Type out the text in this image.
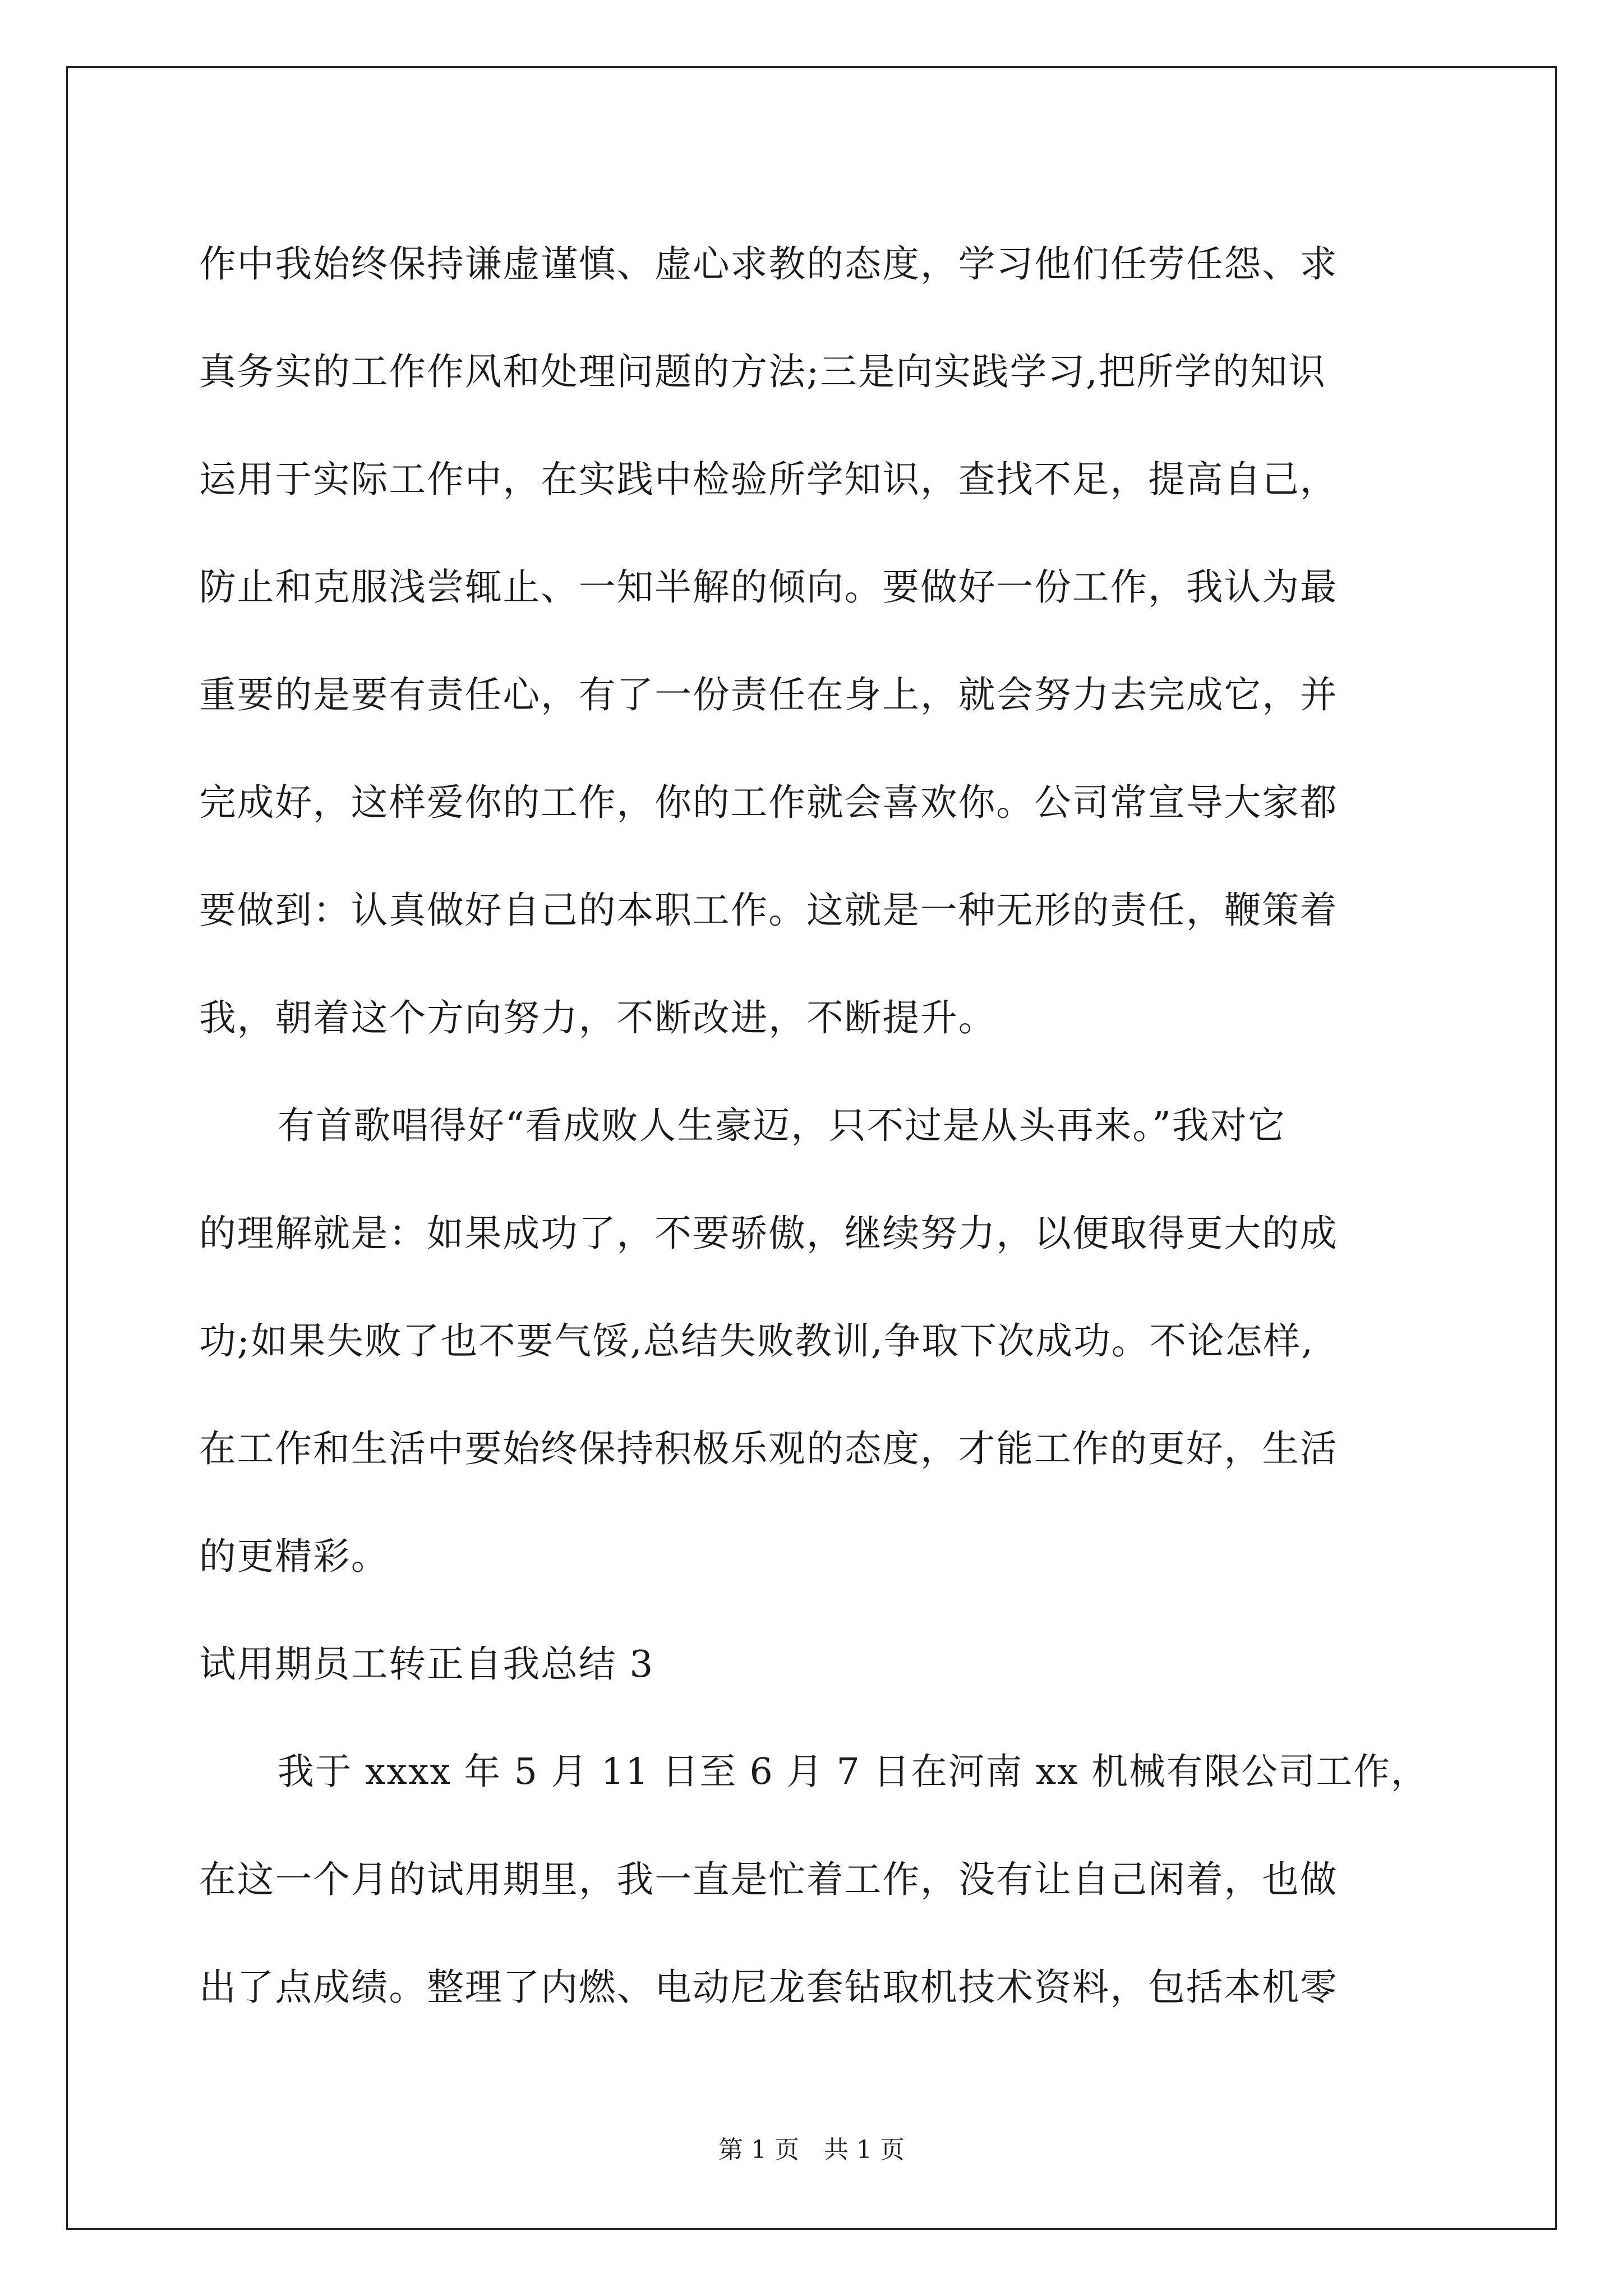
作中我始终保持谦虚谨慎、虚心求教的态度，学习他们任劳任怨、求
真务实的工作作风和处理问题的方法;三是向实践学习,把所学的知识
运用于实际工作中，在实践中检验所学知识，查找不足，提高自己，
防止和克服浅尝辄止、一知半解的倾向。要做好一份工作，我认为最
重要的是要有责任心，有了一份责任在身上，就会努力去完成它，并
完成好，这样爱你的工作，你的工作就会喜欢你。公司常宣导大家都
要做到：认真做好自己的本职工作。这就是一种无形的责任，鞭策着
我，朝着这个方向努力，不断改进，不断提升。
有首歌唱得好“看成败人生豪迈，只不过是从头再来。”我对它
的理解就是：如果成功了，不要骄傲，继续努力，以便取得更大的成
功;如果失败了也不要气馁,总结失败教训,争取下次成功。不论怎样,
在工作和生活中要始终保持积极乐观的态度，才能工作的更好，生活
的更精彩。
试用期员工转正自我总结 3
我于 xxxx 年 5 月 11 日至 6 月 7 日在河南 xx 机械有限公司工作，
在这一个月的试用期里，我一直是忙着工作，没有让自己闲着，也做
出了点成绩。整理了内燃、电动尼龙套钻取机技术资料，包括本机零
第 1 页　共 1 页
